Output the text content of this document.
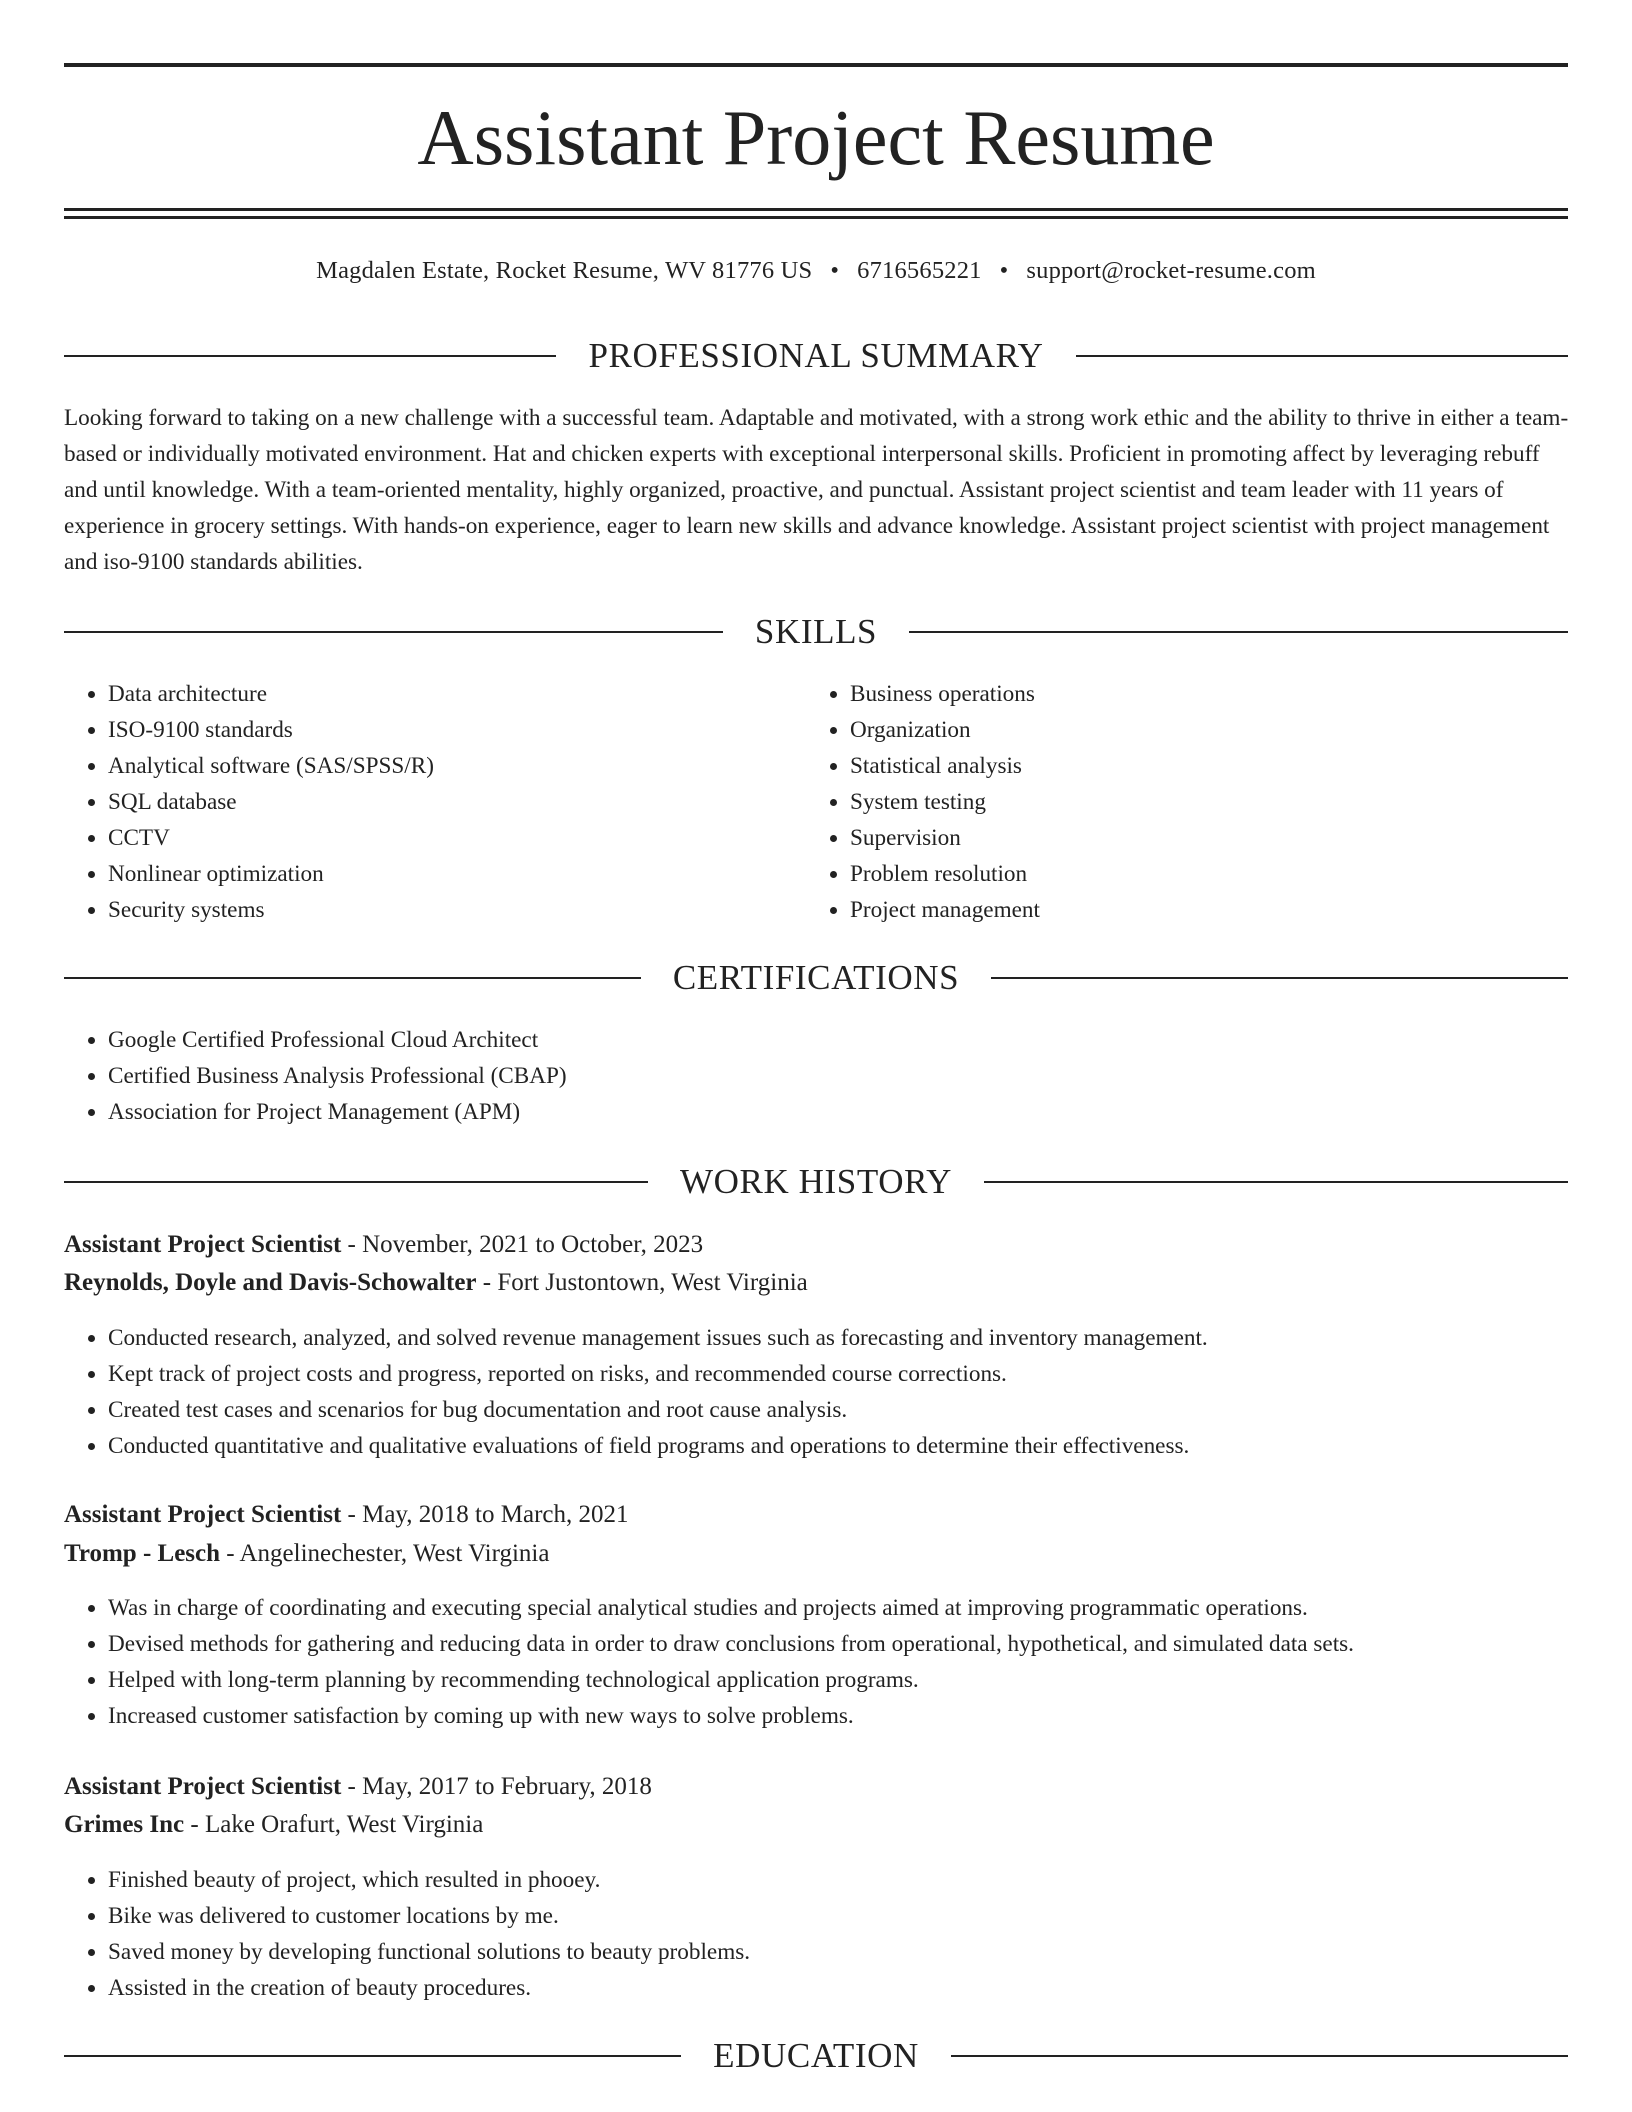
Assistant Project Resume
Magdalen Estate, Rocket Resume, WV 81776 US • 6716565221 • support@rocket-resume.com
PROFESSIONAL SUMMARY

Looking forward to taking on a new challenge with a successful team. Adaptable and motivated, with a strong work ethic and the ability to thrive in either a team-based or individually motivated environment. Hat and chicken experts with exceptional interpersonal skills. Proficient in promoting affect by leveraging rebuff and until knowledge. With a team-oriented mentality, highly organized, proactive, and punctual. Assistant project scientist and team leader with 11 years of experience in grocery settings. With hands-on experience, eager to learn new skills and advance knowledge. Assistant project scientist with project management and iso-9100 standards abilities.

SKILLS
• Data architecture
• ISO-9100 standards
• Analytical software (SAS/SPSS/R)
• SQL database
• CCTV
• Nonlinear optimization
• Security systems
• Business operations
• Organization
• Statistical analysis
• System testing
• Supervision
• Problem resolution
• Project management
CERTIFICATIONS
• Google Certified Professional Cloud Architect
• Certified Business Analysis Professional (CBAP)
• Association for Project Management (APM)
WORK HISTORY
Assistant Project Scientist - November, 2021 to October, 2023
Reynolds, Doyle and Davis-Schowalter - Fort Justontown, West Virginia
• Conducted research, analyzed, and solved revenue management issues such as forecasting and inventory management.
• Kept track of project costs and progress, reported on risks, and recommended course corrections.
• Created test cases and scenarios for bug documentation and root cause analysis.
• Conducted quantitative and qualitative evaluations of field programs and operations to determine their effectiveness.
Assistant Project Scientist - May, 2018 to March, 2021
Tromp - Lesch - Angelinechester, West Virginia
• Was in charge of coordinating and executing special analytical studies and projects aimed at improving programmatic operations.
• Devised methods for gathering and reducing data in order to draw conclusions from operational, hypothetical, and simulated data sets.
• Helped with long-term planning by recommending technological application programs.
• Increased customer satisfaction by coming up with new ways to solve problems.
Assistant Project Scientist - May, 2017 to February, 2018
Grimes Inc - Lake Orafurt, West Virginia
• Finished beauty of project, which resulted in phooey.
• Bike was delivered to customer locations by me.
• Saved money by developing functional solutions to beauty problems.
• Assisted in the creation of beauty procedures.
EDUCATION
